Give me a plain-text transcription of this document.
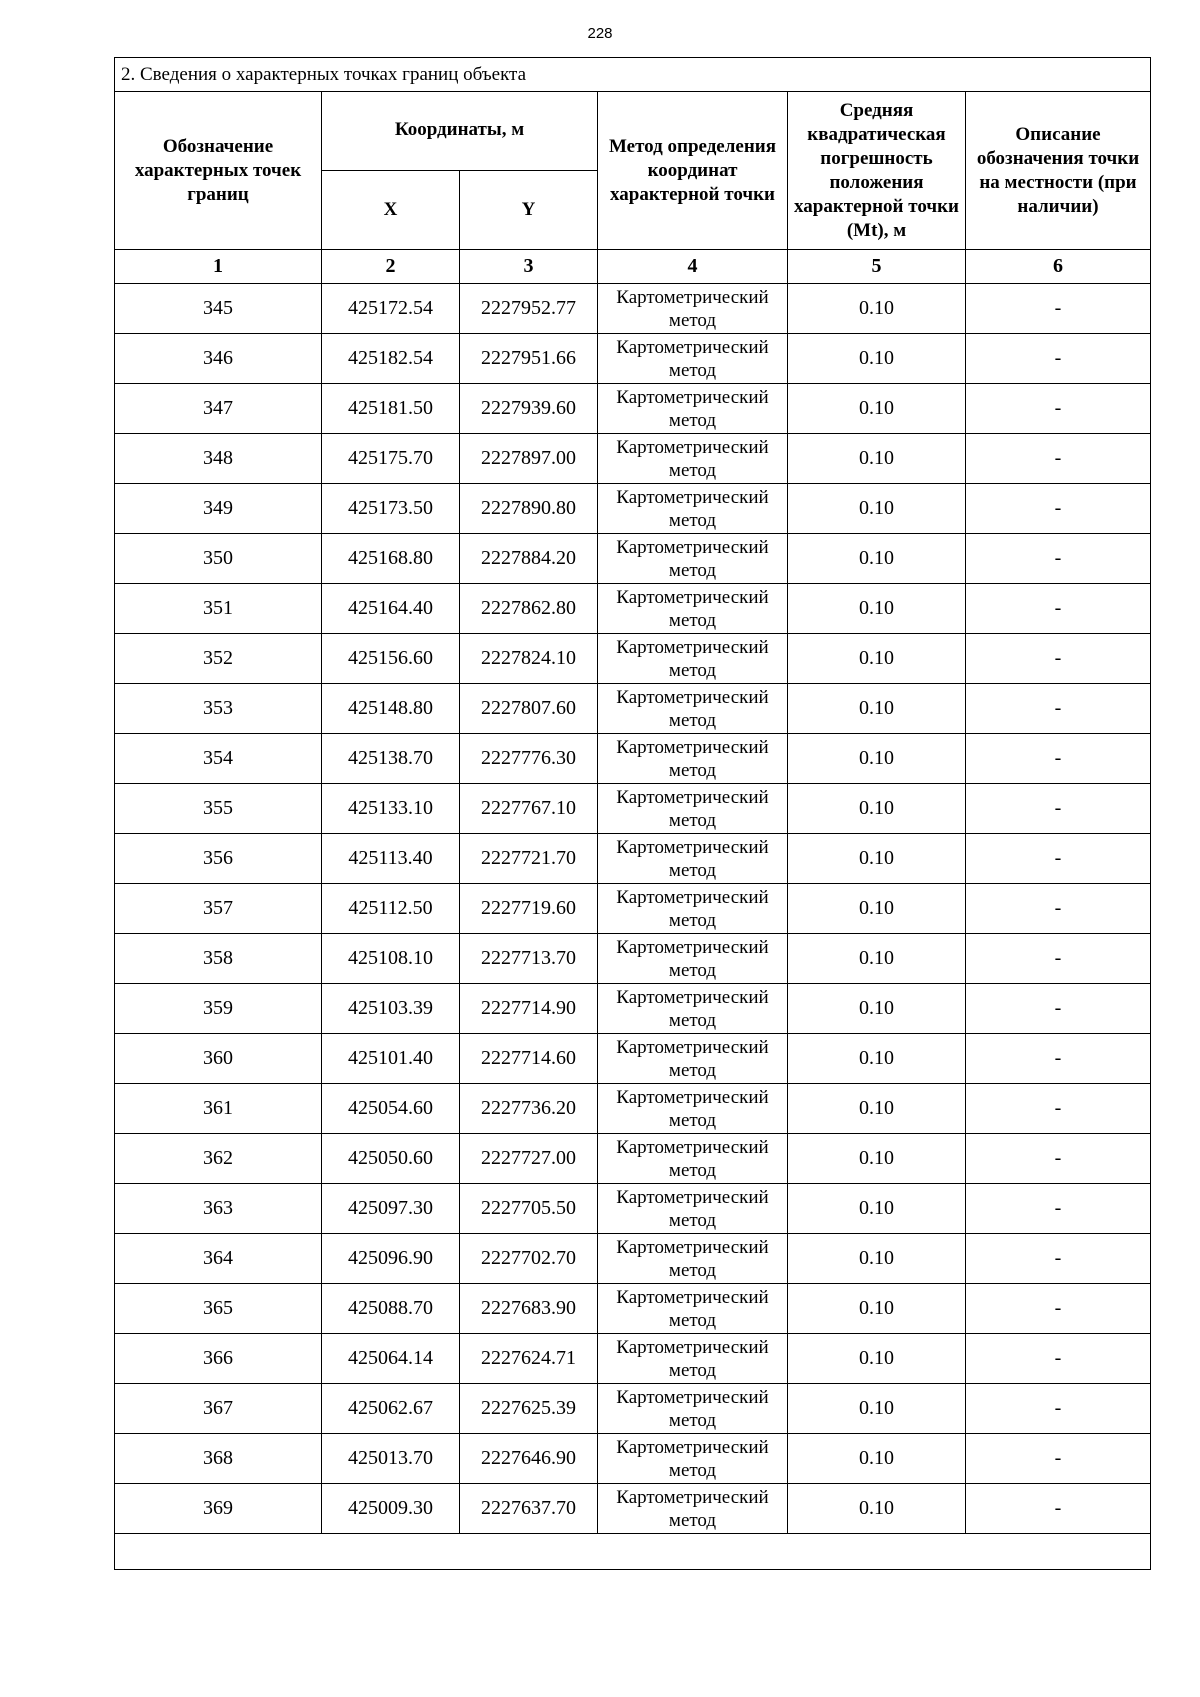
228
2. Сведения о характерных точках границ объекта					
Обозначение характерных точек границ	Координаты, м		Метод определения координат характерной точки	Средняя квадратическая погрешность положения характерной точки (Mt), м	Описание обозначения точки на местности (при наличии)
	X	Y			
1	2	3	4	5	6
345	425172.54	2227952.77	Картометрический метод	0.10	-
346	425182.54	2227951.66	Картометрический метод	0.10	-
347	425181.50	2227939.60	Картометрический метод	0.10	-
348	425175.70	2227897.00	Картометрический метод	0.10	-
349	425173.50	2227890.80	Картометрический метод	0.10	-
350	425168.80	2227884.20	Картометрический метод	0.10	-
351	425164.40	2227862.80	Картометрический метод	0.10	-
352	425156.60	2227824.10	Картометрический метод	0.10	-
353	425148.80	2227807.60	Картометрический метод	0.10	-
354	425138.70	2227776.30	Картометрический метод	0.10	-
355	425133.10	2227767.10	Картометрический метод	0.10	-
356	425113.40	2227721.70	Картометрический метод	0.10	-
357	425112.50	2227719.60	Картометрический метод	0.10	-
358	425108.10	2227713.70	Картометрический метод	0.10	-
359	425103.39	2227714.90	Картометрический метод	0.10	-
360	425101.40	2227714.60	Картометрический метод	0.10	-
361	425054.60	2227736.20	Картометрический метод	0.10	-
362	425050.60	2227727.00	Картометрический метод	0.10	-
363	425097.30	2227705.50	Картометрический метод	0.10	-
364	425096.90	2227702.70	Картометрический метод	0.10	-
365	425088.70	2227683.90	Картометрический метод	0.10	-
366	425064.14	2227624.71	Картометрический метод	0.10	-
367	425062.67	2227625.39	Картометрический метод	0.10	-
368	425013.70	2227646.90	Картометрический метод	0.10	-
369	425009.30	2227637.70	Картометрический метод	0.10	-
